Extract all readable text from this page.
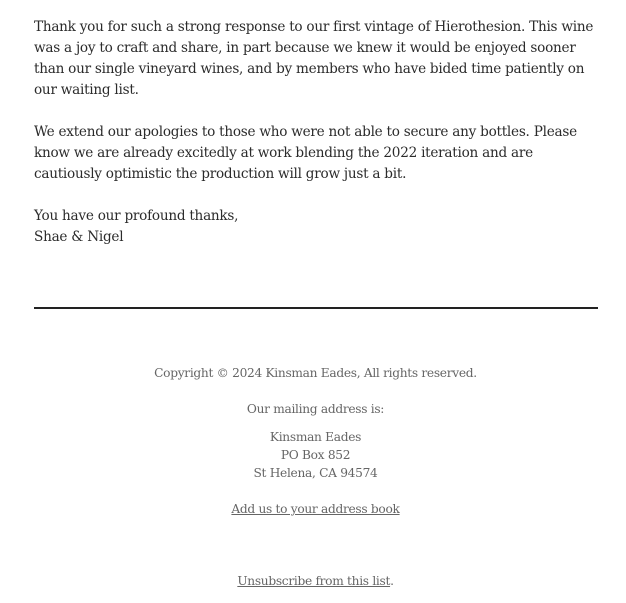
Thank you for such a strong response to our first vintage of Hierothesion. This wine was a joy to craft and share, in part because we knew it would be enjoyed sooner than our single vineyard wines, and by members who have bided time patiently on our waiting list.

We extend our apologies to those who were not able to secure any bottles. Please know we are already excitedly at work blending the 2022 iteration and are cautiously optimistic the production will grow just a bit.

You have our profound thanks,
Shae & Nigel
Copyright © 2024 Kinsman Eades, All rights reserved.
Our mailing address is:
Kinsman Eades
PO Box 852
St Helena, CA 94574
Add us to your address book
Unsubscribe from this list.
